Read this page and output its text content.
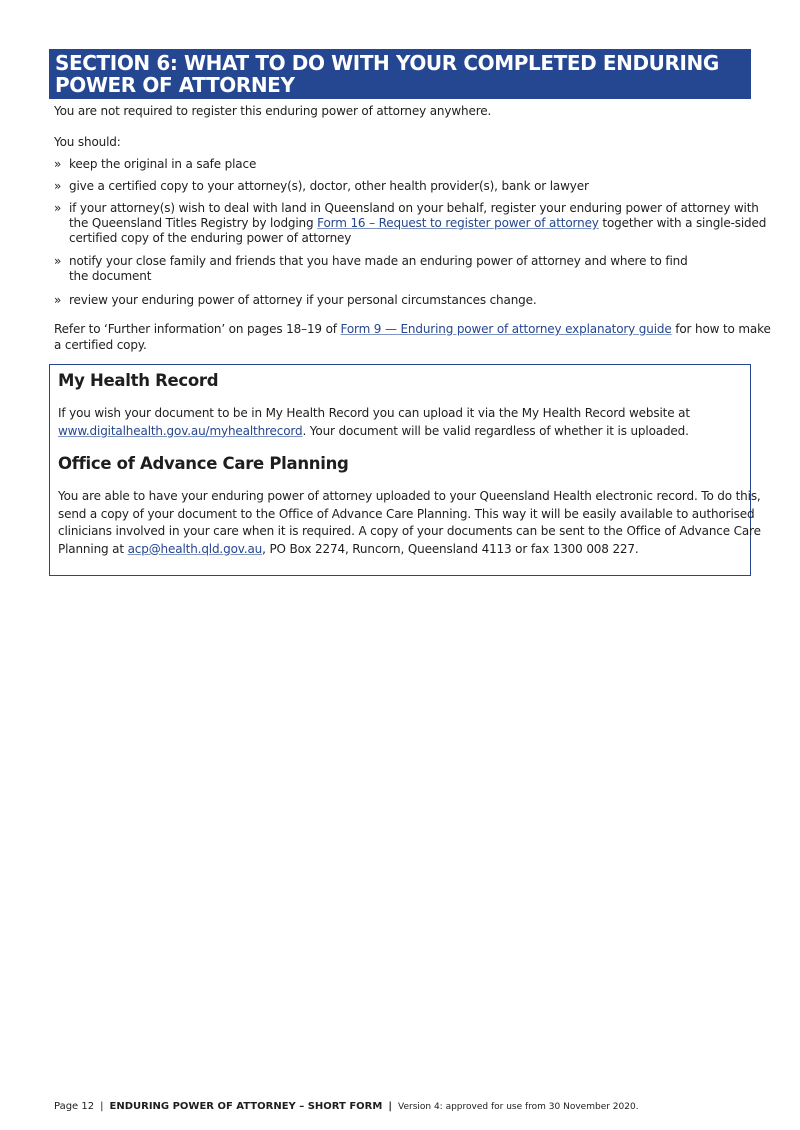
SECTION 6: WHAT TO DO WITH YOUR COMPLETED ENDURING
POWER OF ATTORNEY

You are not required to register this enduring power of attorney anywhere.

You should:

» keep the original in a safe place
» give a certified copy to your attorney(s), doctor, other health provider(s), bank or lawyer
» if your attorney(s) wish to deal with land in Queensland on your behalf, register your enduring power of attorney with
the Queensland Titles Registry by lodging Form 16 – Request to register power of attorney together with a single-sided
certified copy of the enduring power of attorney
» notify your close family and friends that you have made an enduring power of attorney and where to find
the document
» review your enduring power of attorney if your personal circumstances change.

Refer to ‘Further information’ on pages 18–19 of Form 9 — Enduring power of attorney explanatory guide for how to make

a certified copy.

My Health Record

If you wish your document to be in My Health Record you can upload it via the My Health Record website at
www.digitalhealth.gov.au/myhealthrecord. Your document will be valid regardless of whether it is uploaded.

Office of Advance Care Planning

You are able to have your enduring power of attorney uploaded to your Queensland Health electronic record. To do this,
send a copy of your document to the Office of Advance Care Planning. This way it will be easily available to authorised
clinicians involved in your care when it is required. A copy of your documents can be sent to the Office of Advance Care
Planning at acp@health.qld.gov.au, PO Box 2274, Runcorn, Queensland 4113 or fax 1300 008 227.

Page 12 | ENDURING POWER OF ATTORNEY – SHORT FORM | Version 4: approved for use from 30 November 2020.
